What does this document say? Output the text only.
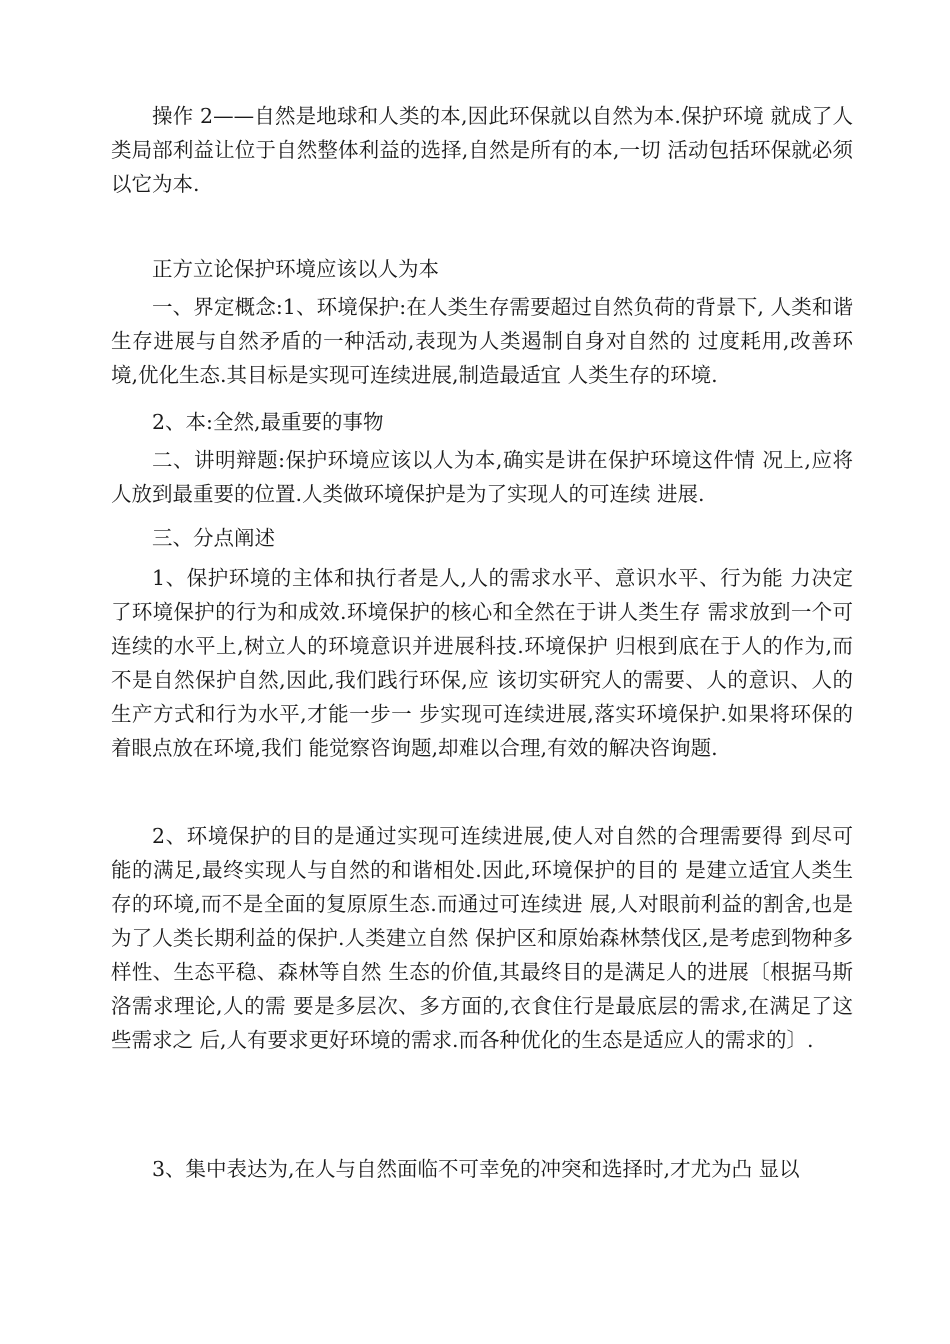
操作 2——自然是地球和人类的本,因此环保就以自然为本.保护环境 就成了人类局部利益让位于自然整体利益的选择,自然是所有的本,一切 活动包括环保就必须以它为本.

正方立论保护环境应该以人为本

一、界定概念:1、环境保护:在人类生存需要超过自然负荷的背景下, 人类和谐生存进展与自然矛盾的一种活动,表现为人类遏制自身对自然的 过度耗用,改善环境,优化生态.其目标是实现可连续进展,制造最适宜 人类生存的环境.

2、本:全然,最重要的事物

二、讲明辩题:保护环境应该以人为本,确实是讲在保护环境这件情 况上,应将人放到最重要的位置.人类做环境保护是为了实现人的可连续 进展.

三、分点阐述

1、保护环境的主体和执行者是人,人的需求水平、意识水平、行为能 力决定了环境保护的行为和成效.环境保护的核心和全然在于讲人类生存 需求放到一个可连续的水平上,树立人的环境意识并进展科技.环境保护 归根到底在于人的作为,而不是自然保护自然,因此,我们践行环保,应 该切实研究人的需要、人的意识、人的生产方式和行为水平,才能一步一 步实现可连续进展,落实环境保护.如果将环保的着眼点放在环境,我们 能觉察咨询题,却难以合理,有效的解决咨询题.

2、环境保护的目的是通过实现可连续进展,使人对自然的合理需要得 到尽可能的满足,最终实现人与自然的和谐相处.因此,环境保护的目的 是建立适宜人类生存的环境,而不是全面的复原原生态.而通过可连续进 展,人对眼前利益的割舍,也是为了人类长期利益的保护.人类建立自然 保护区和原始森林禁伐区,是考虑到物种多样性、生态平稳、森林等自然 生态的价值,其最终目的是满足人的进展〔根据马斯洛需求理论,人的需 要是多层次、多方面的,衣食住行是最底层的需求,在满足了这些需求之 后,人有要求更好环境的需求.而各种优化的生态是适应人的需求的〕.

3、集中表达为,在人与自然面临不可幸免的冲突和选择时,才尤为凸 显以
